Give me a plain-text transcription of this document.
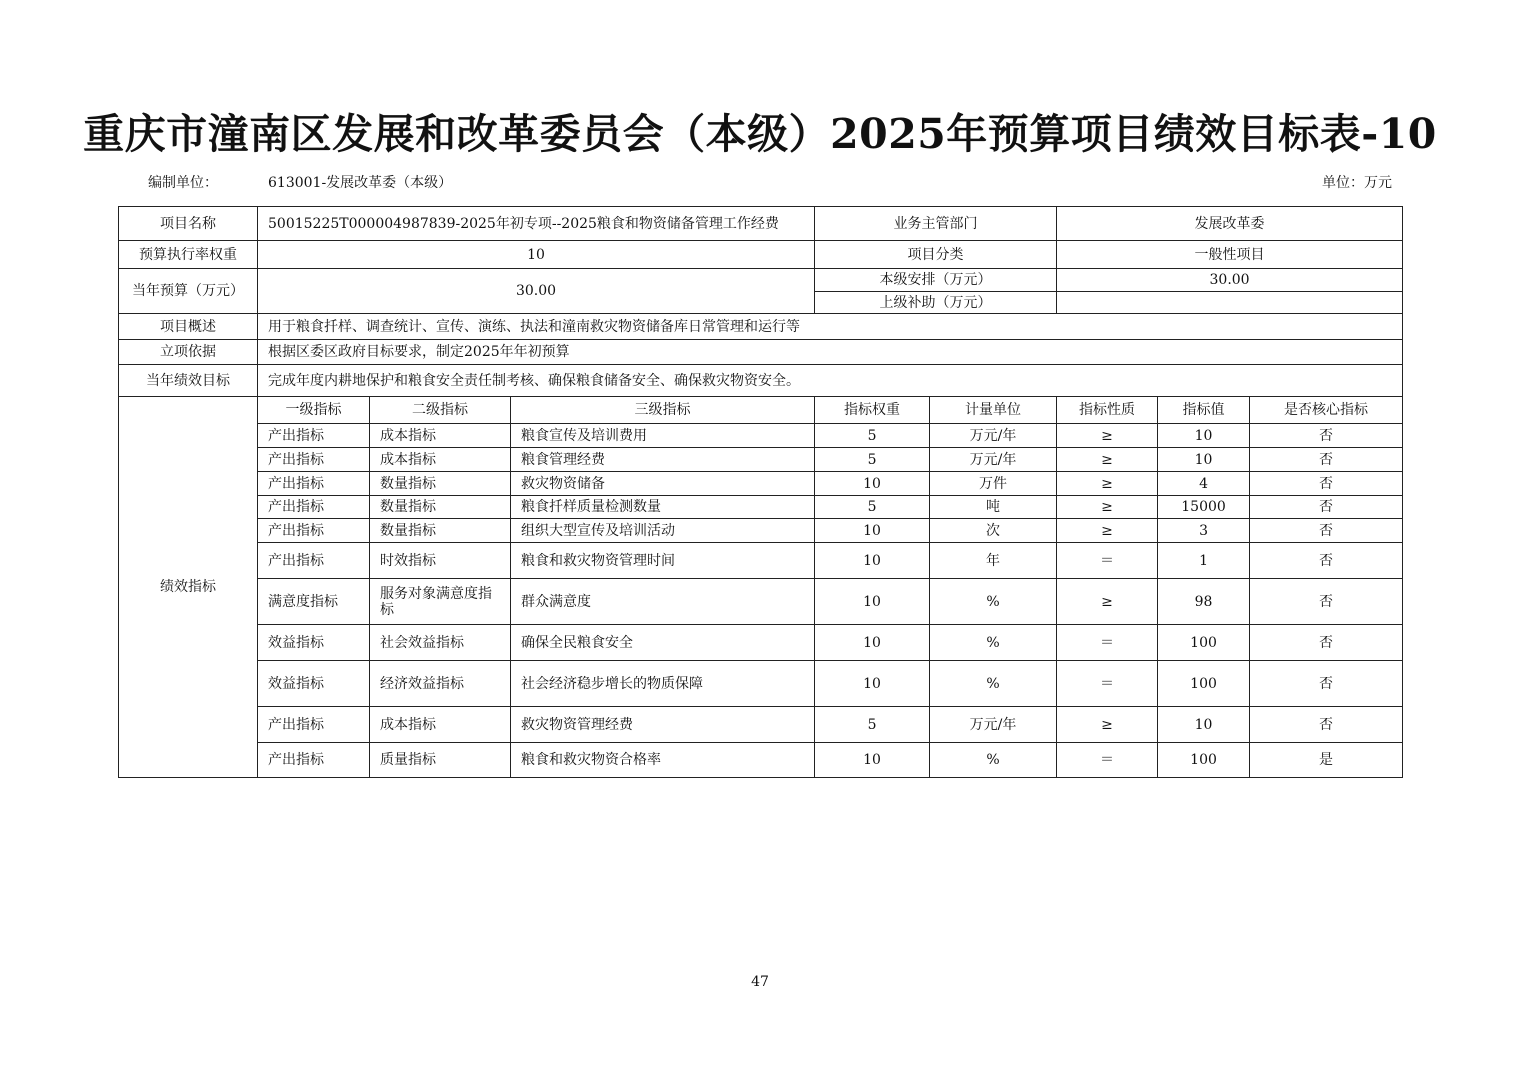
重庆市潼南区发展和改革委员会（本级）2025年预算项目绩效目标表-10
编制单位：	613001-发展改革委（本级）	单位：万元
项目名称	50015225T000004987839-2025年初专项--2025粮食和物资储备管理工作经费			业务主管部门		发展改革委		
预算执行率权重	10			项目分类		一般性项目		
当年预算（万元）	30.00			本级安排（万元）		30.00		
				上级补助（万元）				
项目概述	用于粮食扦样、调查统计、宣传、演练、执法和潼南救灾物资储备库日常管理和运行等							
立项依据	根据区委区政府目标要求，制定2025年年初预算							
当年绩效目标	完成年度内耕地保护和粮食安全责任制考核、确保粮食储备安全、确保救灾物资安全。							
绩效指标	一级指标	二级指标	三级指标	指标权重	计量单位	指标性质	指标值	是否核心指标
	产出指标	成本指标	粮食宣传及培训费用	5	万元/年	≥	10	否
	产出指标	成本指标	粮食管理经费	5	万元/年	≥	10	否
	产出指标	数量指标	救灾物资储备	10	万件	≥	4	否
	产出指标	数量指标	粮食扦样质量检测数量	5	吨	≥	15000	否
	产出指标	数量指标	组织大型宣传及培训活动	10	次	≥	3	否
	产出指标	时效指标	粮食和救灾物资管理时间	10	年	＝	1	否
	满意度指标	服务对象满意度指标	群众满意度	10	%	≥	98	否
	效益指标	社会效益指标	确保全民粮食安全	10	%	＝	100	否
	效益指标	经济效益指标	社会经济稳步增长的物质保障	10	%	＝	100	否
	产出指标	成本指标	救灾物资管理经费	5	万元/年	≥	10	否
	产出指标	质量指标	粮食和救灾物资合格率	10	%	＝	100	是
47
